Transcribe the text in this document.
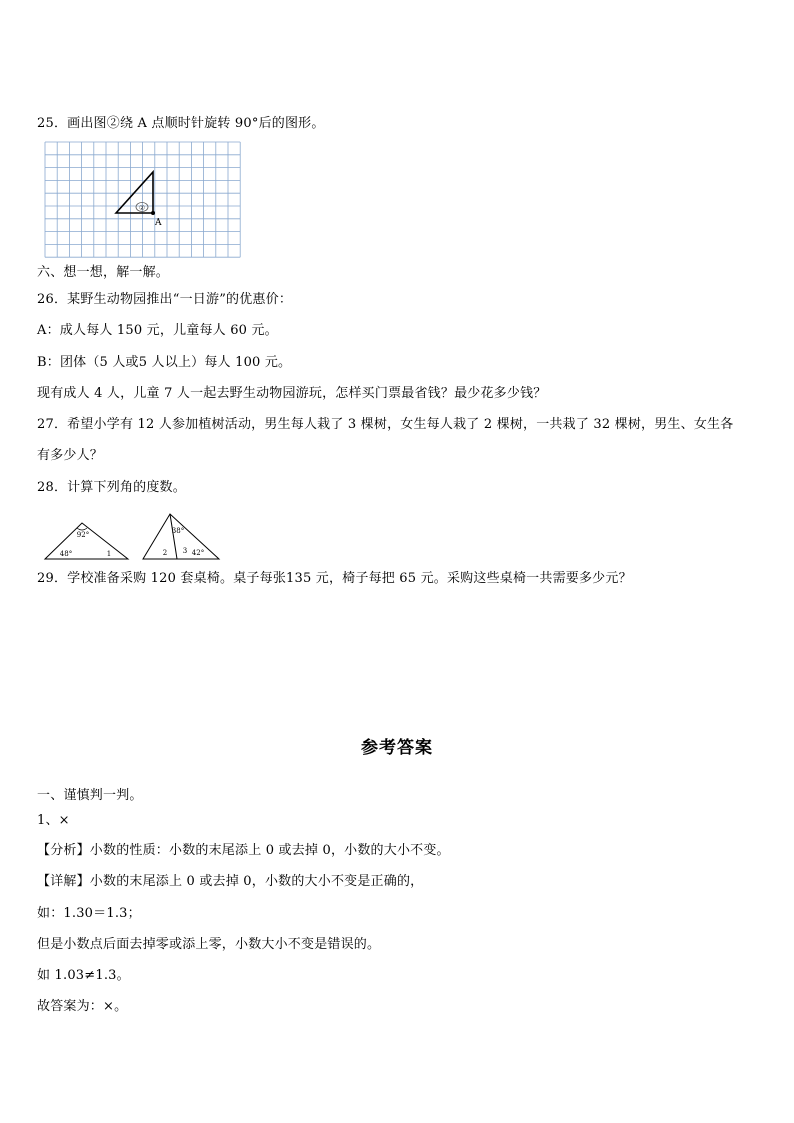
25．画出图②绕 A 点顺时针旋转 90°后的图形。
②
A
六、想一想，解一解。
26．某野生动物园推出“一日游”的优惠价：
A：成人每人 150 元，儿童每人 60 元。
B：团体（5 人或5 人以上）每人 100 元。
现有成人 4 人，儿童 7 人一起去野生动物园游玩，怎样买门票最省钱？最少花多少钱？
27．希望小学有 12 人参加植树活动，男生每人栽了 3 棵树，女生每人栽了 2 棵树，一共栽了 32 棵树，男生、女生各
有多少人？
28．计算下列角的度数。
92°
48°	1
38°
2 3 42°
29．学校准备采购 120 套桌椅。桌子每张135 元，椅子每把 65 元。采购这些桌椅一共需要多少元？
参考答案
一、谨慎判一判。
1、×
【分析】小数的性质：小数的末尾添上 0 或去掉 0，小数的大小不变。
【详解】小数的末尾添上 0 或去掉 0，小数的大小不变是正确的，
如：1.30＝1.3；
但是小数点后面去掉零或添上零，小数大小不变是错误的。
如 1.03≠1.3。
故答案为：×。
